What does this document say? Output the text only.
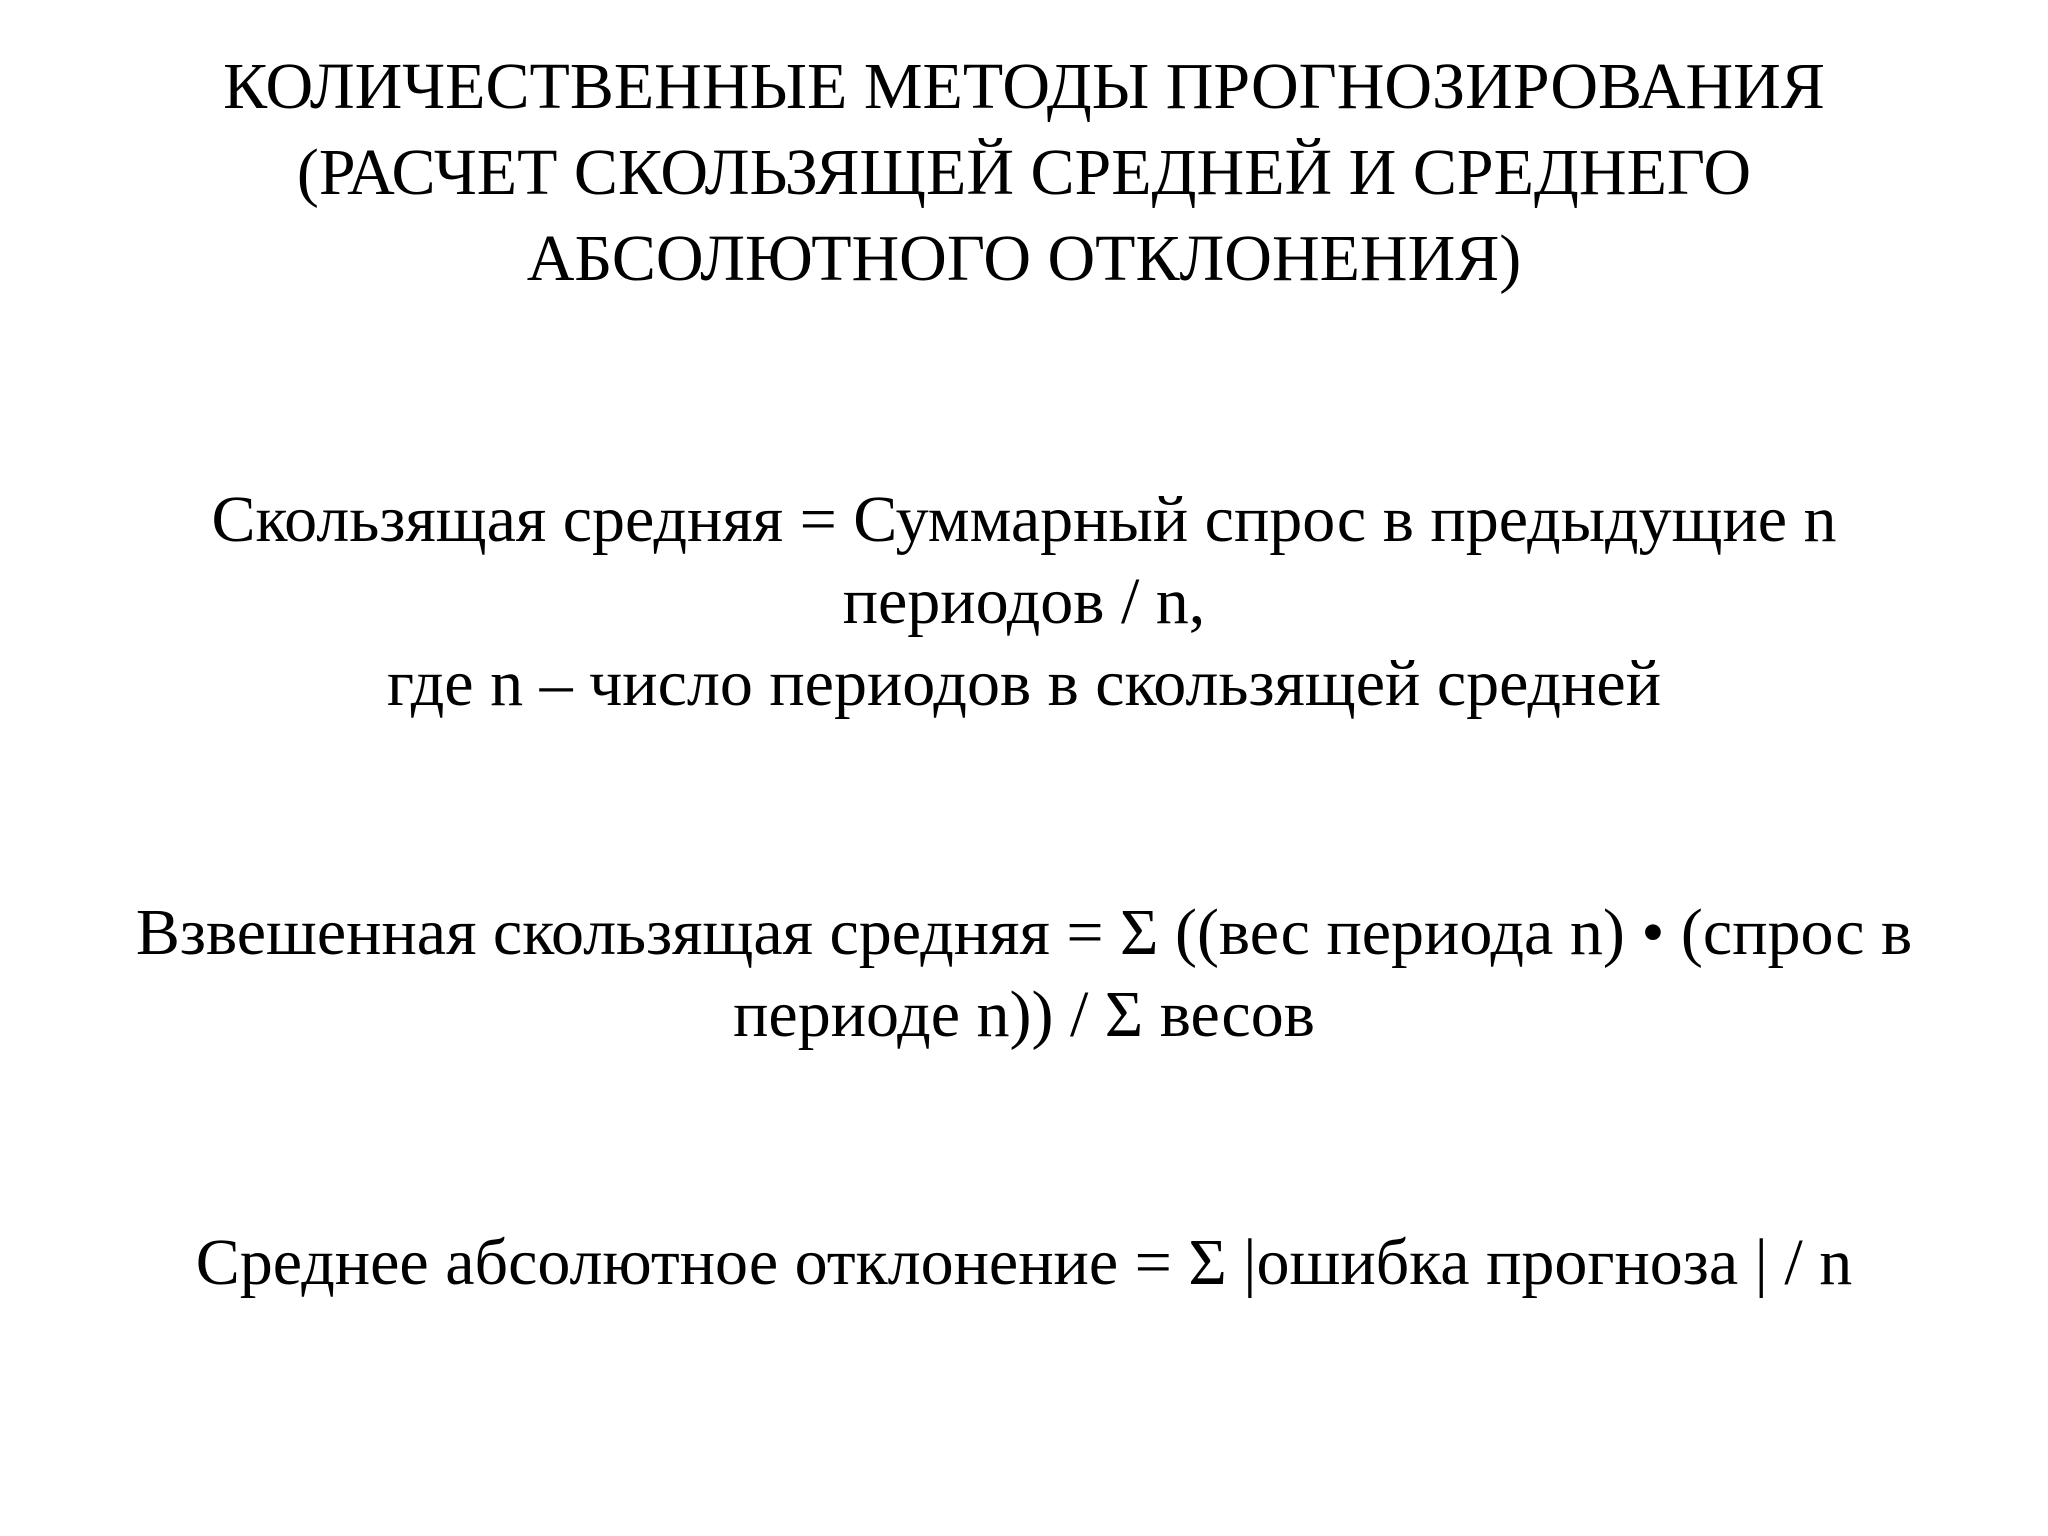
КОЛИЧЕСТВЕННЫЕ МЕТОДЫ ПРОГНОЗИРОВАНИЯ
(РАСЧЕТ СКОЛЬЗЯЩЕЙ СРЕДНЕЙ И СРЕДНЕГО
АБСОЛЮТНОГО ОТКЛОНЕНИЯ)

Скользящая средняя = Суммарный спрос в предыдущие n
периодов / n,
где n – число периодов в скользящей средней

Взвешенная скользящая средняя = Σ ((вес периода n) • (спрос в
периоде n)) / Σ весов

Среднее абсолютное отклонение = Σ |ошибка прогноза | / n
